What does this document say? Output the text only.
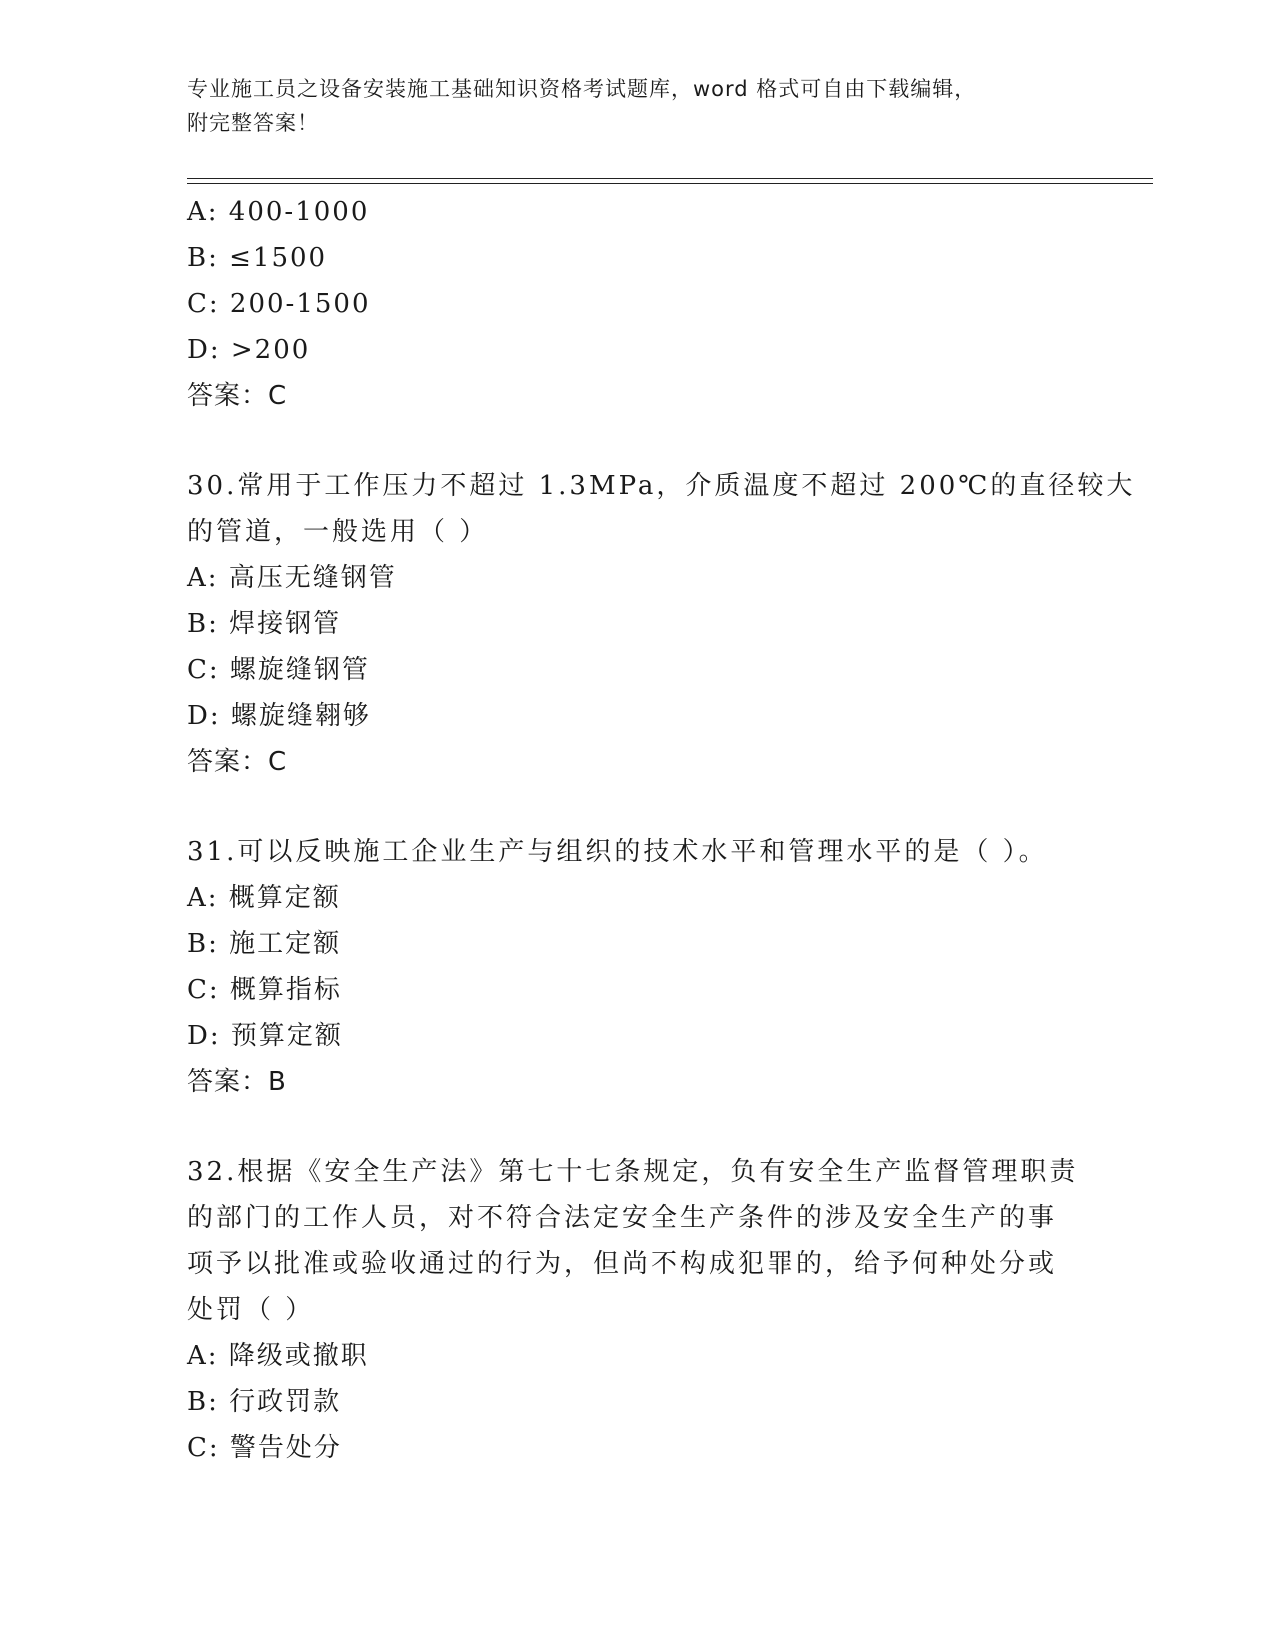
专业施工员之设备安装施工基础知识资格考试题库，word 格式可自由下载编辑，
附完整答案！
A: 400-1000
B: ≤1500
C: 200-1500
D: >200
答案：C
30.常用于工作压力不超过 1.3MPa，介质温度不超过 200℃的直径较大
的管道，一般选用（ ）
A: 高压无缝钢管
B: 焊接钢管
C: 螺旋缝钢管
D: 螺旋缝翱够
答案：C
31.可以反映施工企业生产与组织的技术水平和管理水平的是（ ）。
A: 概算定额
B: 施工定额
C: 概算指标
D: 预算定额
答案：B
32.根据《安全生产法》第七十七条规定，负有安全生产监督管理职责
的部门的工作人员，对不符合法定安全生产条件的涉及安全生产的事
项予以批准或验收通过的行为，但尚不构成犯罪的，给予何种处分或
处罚（ ）
A: 降级或撤职
B: 行政罚款
C: 警告处分
